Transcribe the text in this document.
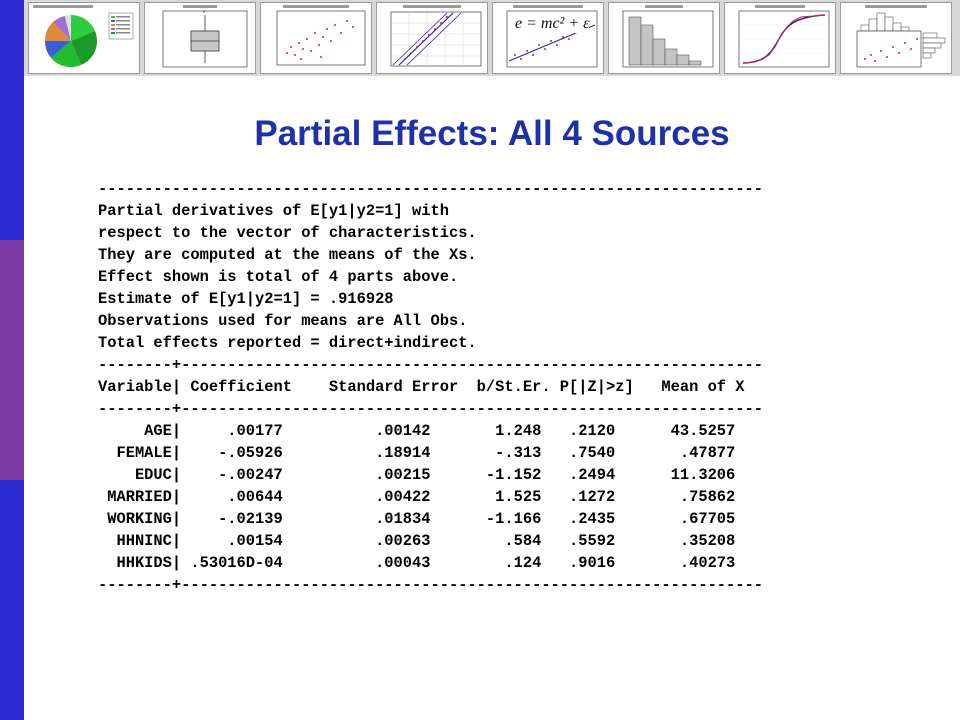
*
e = mc² + ε
Partial Effects: All 4 Sources
------------------------------------------------------------------------
Partial derivatives of E[y1|y2=1] with
respect to the vector of characteristics.
They are computed at the means of the Xs.
Effect shown is total of 4 parts above.
Estimate of E[y1|y2=1] = .916928
Observations used for means are All Obs.
Total effects reported = direct+indirect.
--------+---------------------------------------------------------------
Variable| Coefficient    Standard Error  b/St.Er. P[|Z|>z]   Mean of X
--------+---------------------------------------------------------------
AGE|     .00177          .00142       1.248   .2120      43.5257
FEMALE|    -.05926          .18914       -.313   .7540       .47877
EDUC|    -.00247          .00215      -1.152   .2494      11.3206
MARRIED|     .00644          .00422       1.525   .1272       .75862
WORKING|    -.02139          .01834      -1.166   .2435       .67705
HHNINC|     .00154          .00263        .584   .5592       .35208
HHKIDS| .53016D-04          .00043        .124   .9016       .40273
--------+---------------------------------------------------------------
